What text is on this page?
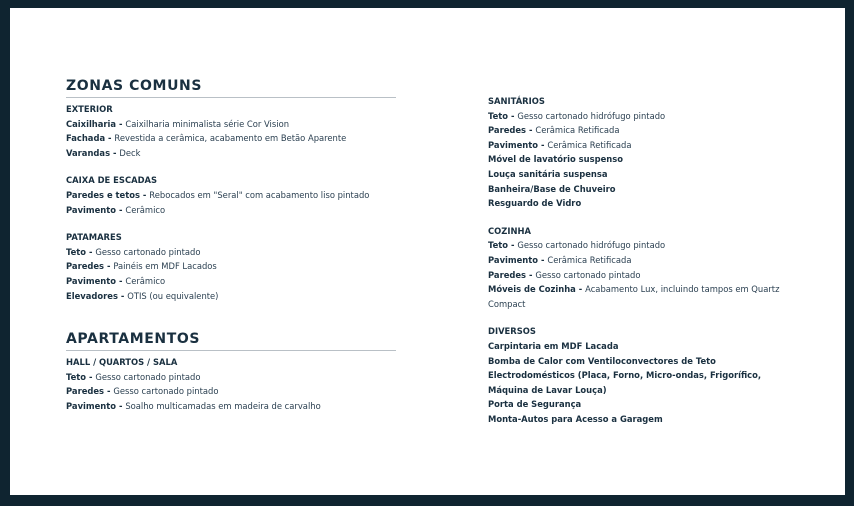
ZONAS COMUNS
EXTERIOR
Caixilharia - Caixilharia minimalista série Cor Vision
Fachada - Revestida a cerâmica, acabamento em Betão Aparente
Varandas - Deck
CAIXA DE ESCADAS
Paredes e tetos - Rebocados em "Seral" com acabamento liso pintado
Pavimento - Cerâmico
PATAMARES
Teto - Gesso cartonado pintado
Paredes - Painéis em MDF Lacados
Pavimento - Cerâmico
Elevadores - OTIS (ou equivalente)
APARTAMENTOS
HALL / QUARTOS / SALA
Teto - Gesso cartonado pintado
Paredes - Gesso cartonado pintado
Pavimento - Soalho multicamadas em madeira de carvalho
SANITÁRIOS
Teto - Gesso cartonado hidrófugo pintado
Paredes - Cerâmica Retificada
Pavimento - Cerâmica Retificada
Móvel de lavatório suspenso
Louça sanitária suspensa
Banheira/Base de Chuveiro
Resguardo de Vidro
COZINHA
Teto - Gesso cartonado hidrófugo pintado
Pavimento - Cerâmica Retificada
Paredes - Gesso cartonado pintado
Móveis de Cozinha - Acabamento Lux, incluindo tampos em Quartz Compact
DIVERSOS
Carpintaria em MDF Lacada
Bomba de Calor com Ventiloconvectores de Teto
Electrodomésticos (Placa, Forno, Micro-ondas, Frigorífico, Máquina de Lavar Louça)
Porta de Segurança
Monta-Autos para Acesso a Garagem
